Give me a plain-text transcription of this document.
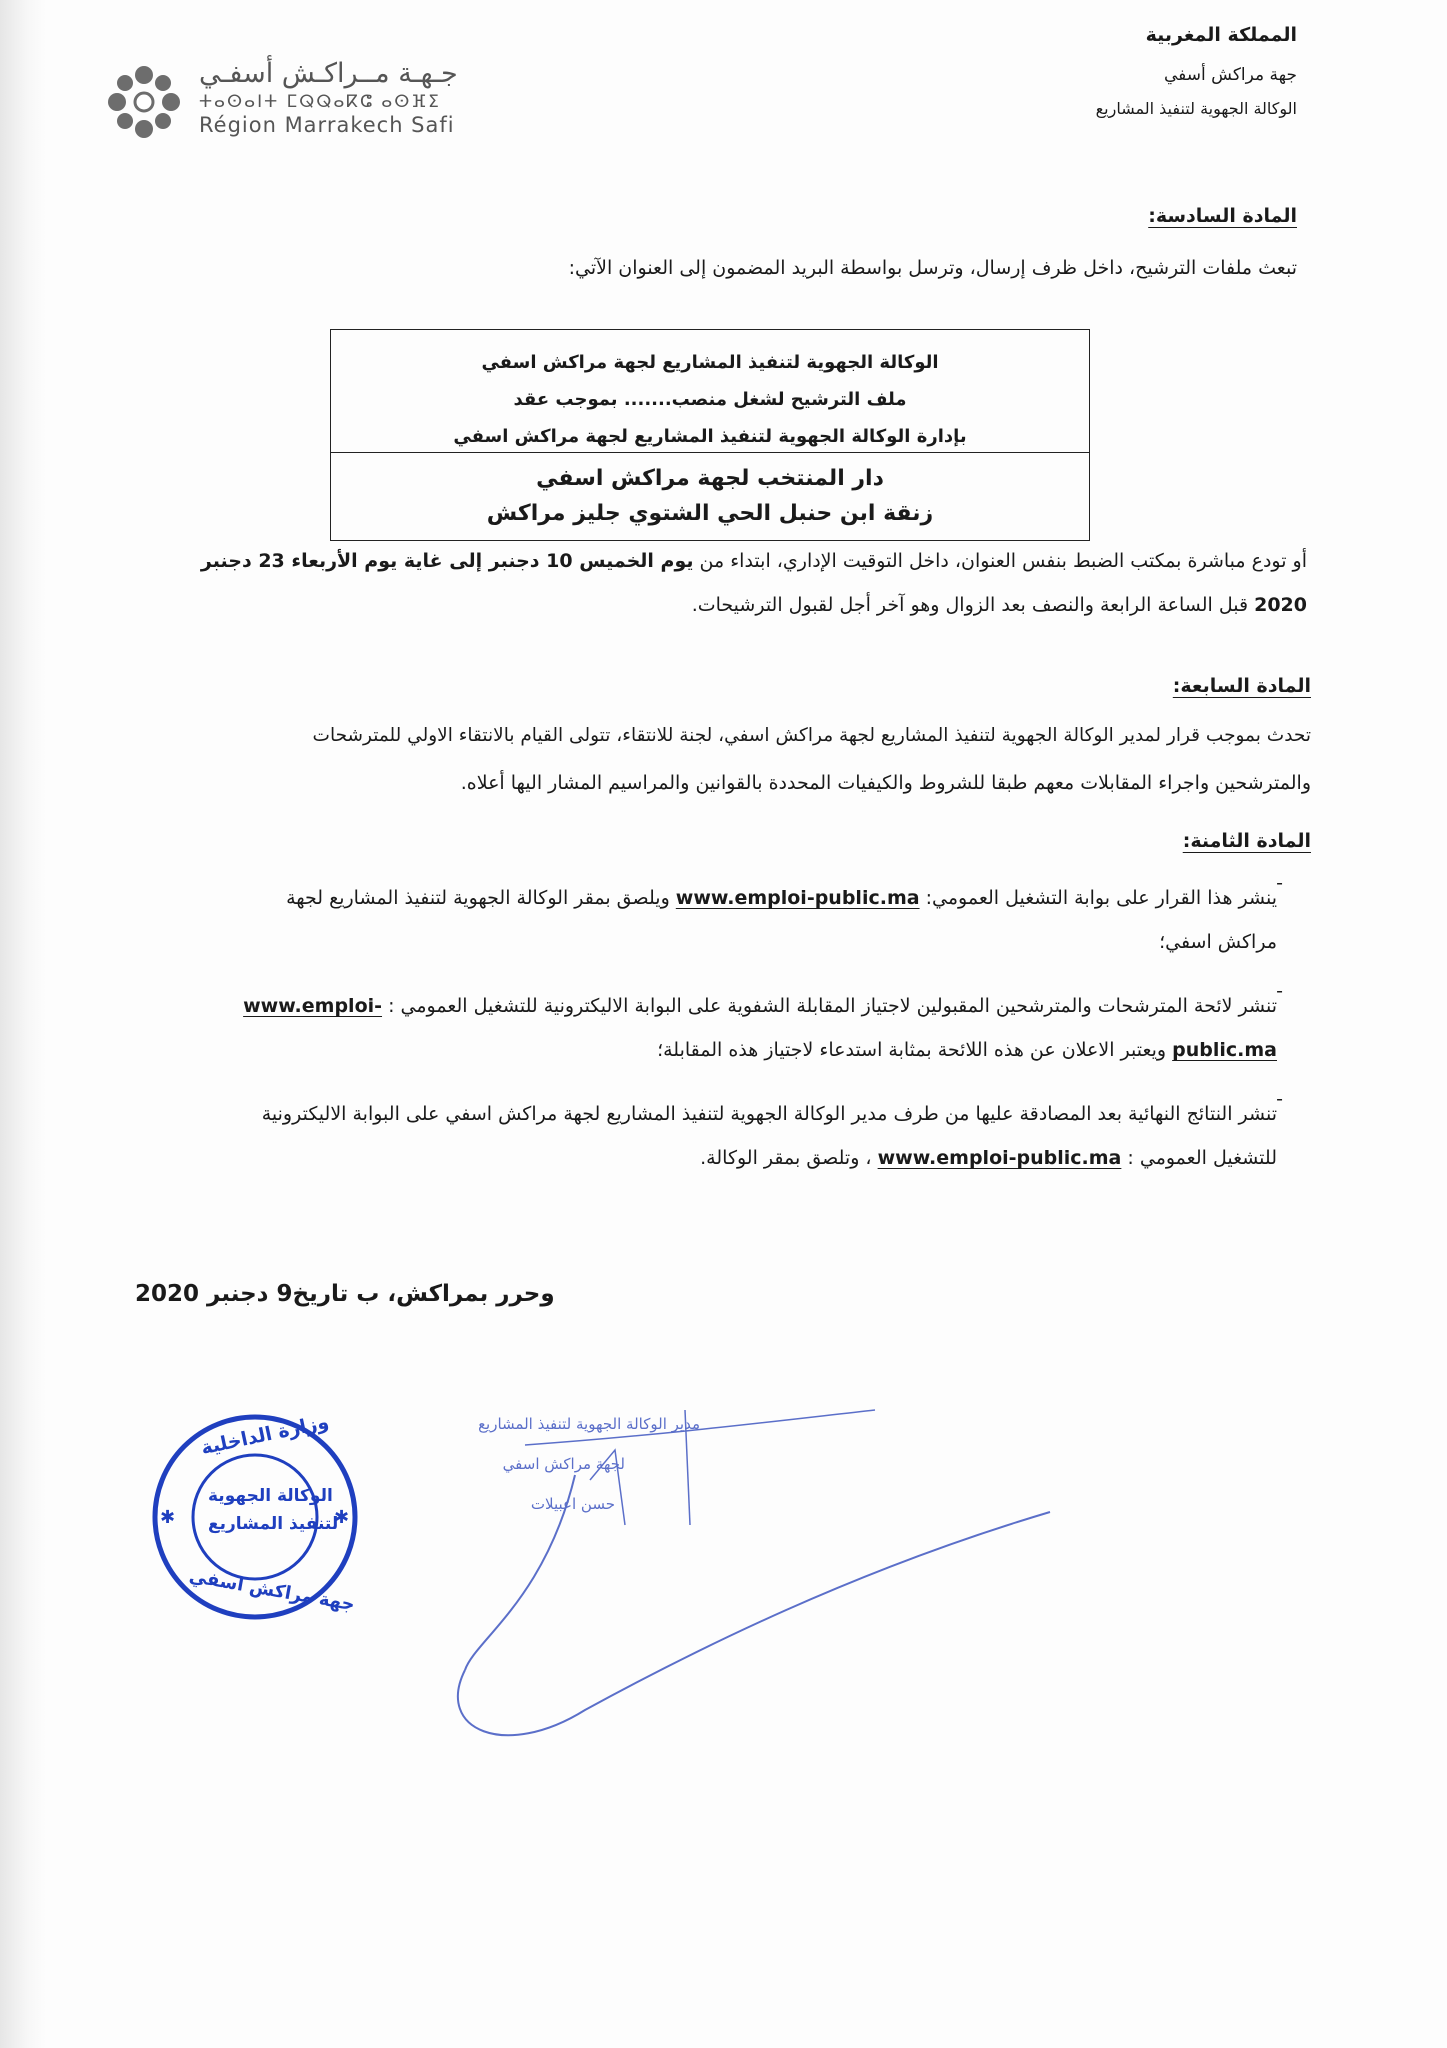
المملكة المغربية
جهة مراكش أسفي
الوكالة الجهوية لتنفيذ المشاريع
جـهـة مــراكـش أسفـي
ⵜⴰⵙⴰⵏⵜ ⵎⵕⵕⴰⴽⵛ ⴰⵙⴼⵉ
Région Marrakech Safi
المادة السادسة:
تبعث ملفات الترشيح، داخل ظرف إرسال، وترسل بواسطة البريد المضمون إلى العنوان الآتي:
الوكالة الجهوية لتنفيذ المشاريع لجهة مراكش اسفي
ملف الترشيح لشغل منصب....... بموجب عقد
بإدارة الوكالة الجهوية لتنفيذ المشاريع لجهة مراكش اسفي
دار المنتخب لجهة مراكش اسفي
زنقة ابن حنبل الحي الشتوي جليز مراكش
أو تودع مباشرة بمكتب الضبط بنفس العنوان، داخل التوقيت الإداري، ابتداء من يوم الخميس 10 دجنبر إلى غاية يوم الأربعاء 23 دجنبر
2020 قبل الساعة الرابعة والنصف بعد الزوال وهو آخر أجل لقبول الترشيحات.
المادة السابعة:
تحدث بموجب قرار لمدير الوكالة الجهوية لتنفيذ المشاريع لجهة مراكش اسفي، لجنة للانتقاء، تتولى القيام بالانتقاء الاولي للمترشحات
والمترشحين واجراء المقابلات معهم طبقا للشروط والكيفيات المحددة بالقوانين والمراسيم المشار اليها أعلاه.
المادة الثامنة:
-
ينشر هذا القرار على بوابة التشغيل العمومي: www.emploi-public.ma ويلصق بمقر الوكالة الجهوية لتنفيذ المشاريع لجهة
مراكش اسفي؛
-
تنشر لائحة المترشحات والمترشحين المقبولين لاجتياز المقابلة الشفوية على البوابة الاليكترونية للتشغيل العمومي : www.emploi-
public.ma ويعتبر الاعلان عن هذه اللائحة بمثابة استدعاء لاجتياز هذه المقابلة؛
-
تنشر النتائج النهائية بعد المصادقة عليها من طرف مدير الوكالة الجهوية لتنفيذ المشاريع لجهة مراكش اسفي على البوابة الاليكترونية
للتشغيل العمومي : www.emploi-public.ma ، وتلصق بمقر الوكالة.
وحرر بمراكش، ب تاريخ9 دجنبر 2020
✱	✱
وزارة الداخلية
الوكالة الجهوية
لتنفيذ المشاريع
جهة مراكش اسفي
مدير الوكالة الجهوية لتنفيذ المشاريع
لجهة مراكش اسفي
حسن اعبيلات
